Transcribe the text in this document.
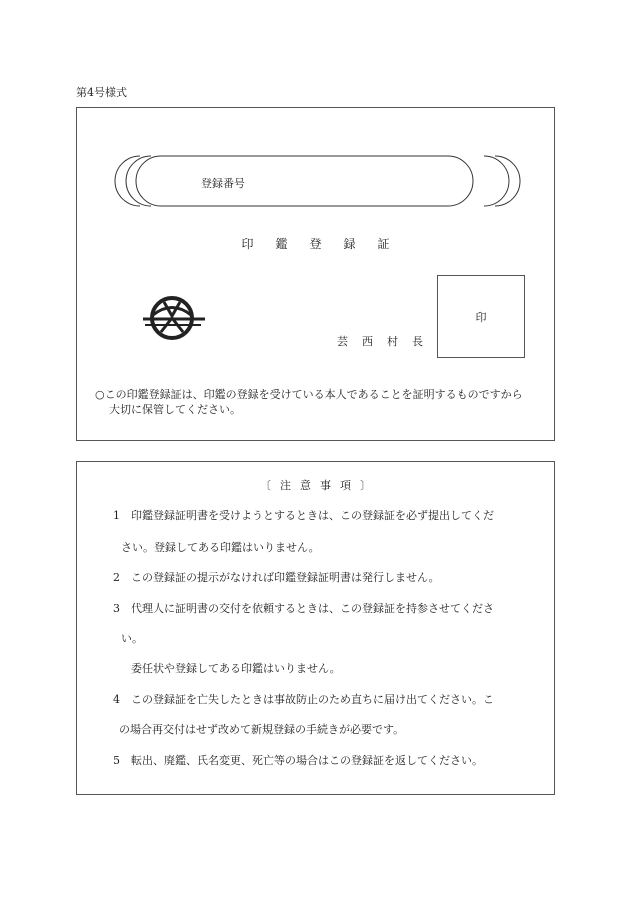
第4号様式
登録番号
印鑑登録証
芸西村長
印
○この印鑑登録証は、印鑑の登録を受けている本人であることを証明するものですから
大切に保管してください。
〔注意事項〕
1　印鑑登録証明書を受けようとするときは、この登録証を必ず提出してくだ
さい。登録してある印鑑はいりません。
2　この登録証の提示がなければ印鑑登録証明書は発行しません。
3　代理人に証明書の交付を依頼するときは、この登録証を持参させてくださ
い。
委任状や登録してある印鑑はいりません。
4　この登録証を亡失したときは事故防止のため直ちに届け出てください。こ
の場合再交付はせず改めて新規登録の手続きが必要です。
5　転出、廃鑑、氏名変更、死亡等の場合はこの登録証を返してください。
